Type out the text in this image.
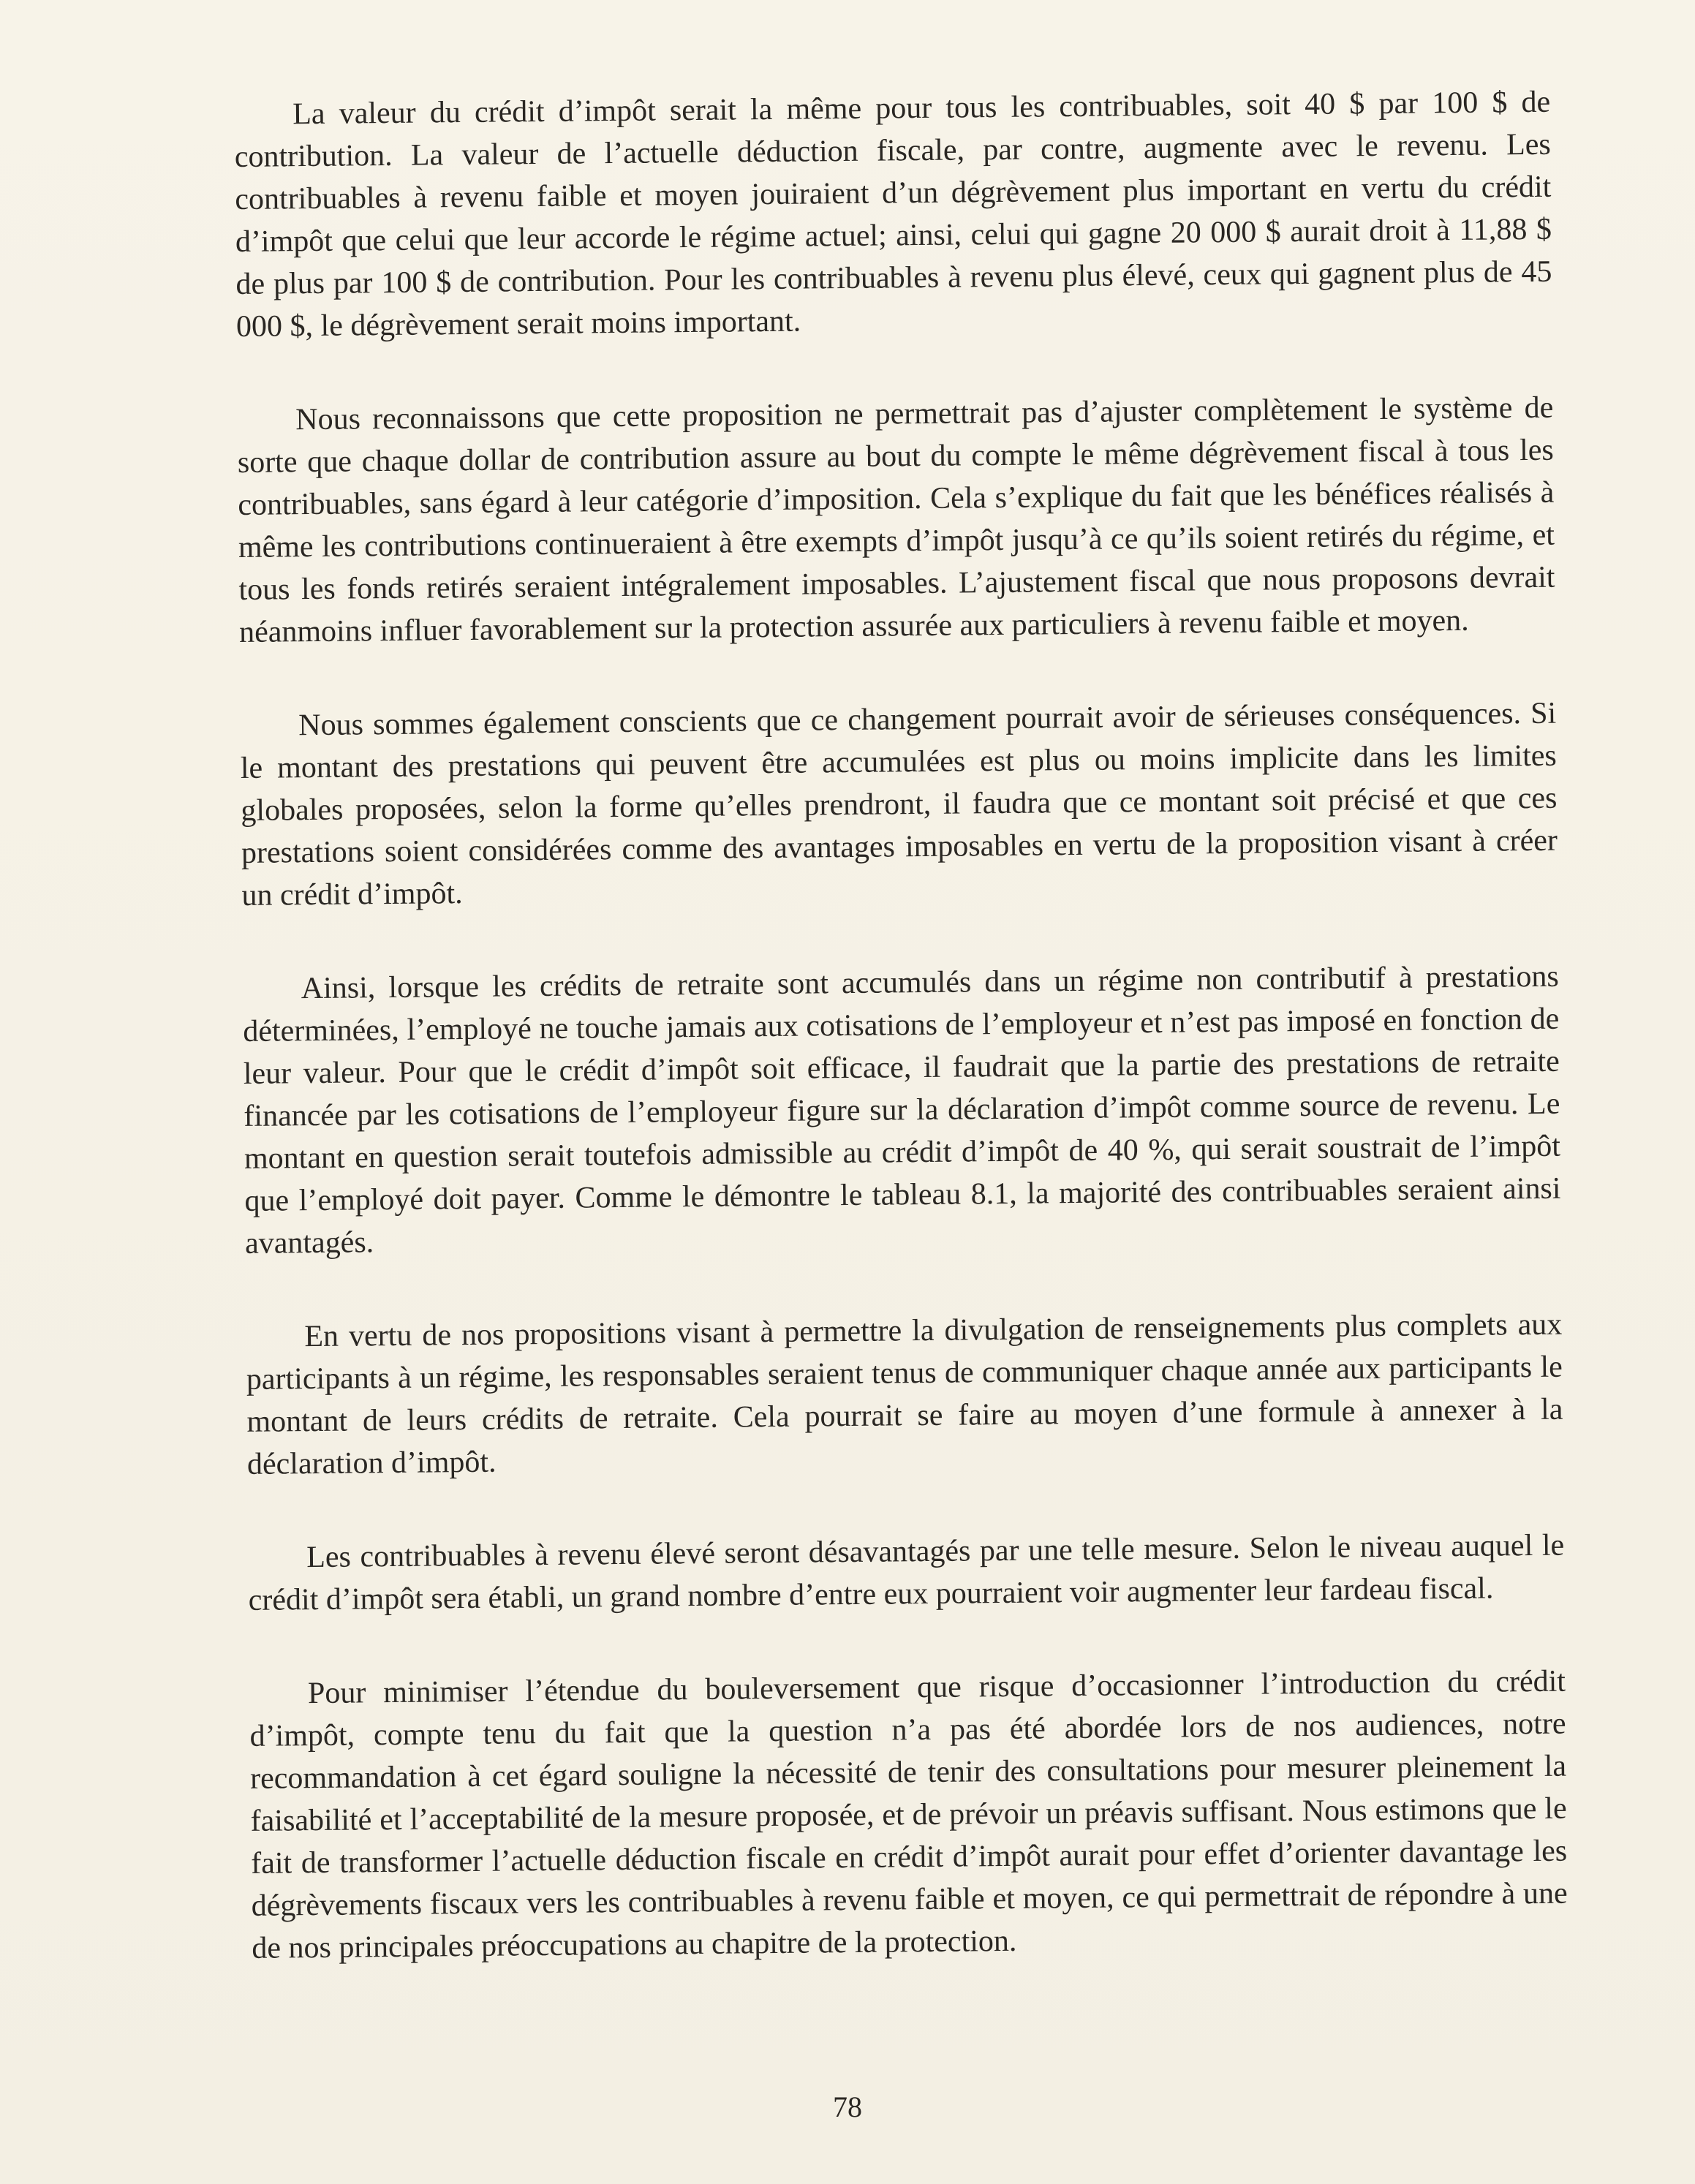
La valeur du crédit d’impôt serait la même pour tous les contribuables, soit 40 $ par 100 $ de contribution. La valeur de l’actuelle déduction fiscale, par contre, augmente avec le revenu. Les contribuables à revenu faible et moyen jouiraient d’un dégrèvement plus important en vertu du crédit d’impôt que celui que leur accorde le régime actuel; ainsi, celui qui gagne 20 000 $ aurait droit à 11,88 $ de plus par 100 $ de contribution. Pour les contribuables à revenu plus élevé, ceux qui gagnent plus de 45 000 $, le dégrèvement serait moins important.

Nous reconnaissons que cette proposition ne permettrait pas d’ajuster complètement le système de sorte que chaque dollar de contribution assure au bout du compte le même dégrèvement fiscal à tous les contribuables, sans égard à leur catégorie d’imposition. Cela s’explique du fait que les bénéfices réalisés à même les contributions continueraient à être exempts d’impôt jusqu’à ce qu’ils soient retirés du régime, et tous les fonds retirés seraient intégralement imposables. L’ajustement fiscal que nous proposons devrait néanmoins influer favorablement sur la protection assurée aux particuliers à revenu faible et moyen.

Nous sommes également conscients que ce changement pourrait avoir de sérieuses conséquences. Si le montant des prestations qui peuvent être accumulées est plus ou moins implicite dans les limites globales proposées, selon la forme qu’elles prendront, il faudra que ce montant soit précisé et que ces prestations soient considérées comme des avantages imposables en vertu de la proposition visant à créer un crédit d’impôt.

Ainsi, lorsque les crédits de retraite sont accumulés dans un régime non contributif à prestations déterminées, l’employé ne touche jamais aux cotisations de l’employeur et n’est pas imposé en fonction de leur valeur. Pour que le crédit d’impôt soit efficace, il faudrait que la partie des prestations de retraite financée par les cotisations de l’employeur figure sur la déclaration d’impôt comme source de revenu. Le montant en question serait toutefois admissible au crédit d’impôt de 40 %, qui serait soustrait de l’impôt que l’employé doit payer. Comme le démontre le tableau 8.1, la majorité des contribuables seraient ainsi avantagés.

En vertu de nos propositions visant à permettre la divulgation de renseignements plus complets aux participants à un régime, les responsables seraient tenus de communiquer chaque année aux participants le montant de leurs crédits de retraite. Cela pourrait se faire au moyen d’une formule à annexer à la déclaration d’impôt.

Les contribuables à revenu élevé seront désavantagés par une telle mesure. Selon le niveau auquel le crédit d’impôt sera établi, un grand nombre d’entre eux pourraient voir augmenter leur fardeau fiscal.

Pour minimiser l’étendue du bouleversement que risque d’occasionner l’introduction du crédit d’impôt, compte tenu du fait que la question n’a pas été abordée lors de nos audiences, notre recommandation à cet égard souligne la nécessité de tenir des consultations pour mesurer pleinement la faisabilité et l’acceptabilité de la mesure proposée, et de prévoir un préavis suffisant. Nous estimons que le fait de transformer l’actuelle déduction fiscale en crédit d’impôt aurait pour effet d’orienter davantage les dégrèvements fiscaux vers les contribuables à revenu faible et moyen, ce qui permettrait de répondre à une de nos principales préoccupations au chapitre de la protection.

78
